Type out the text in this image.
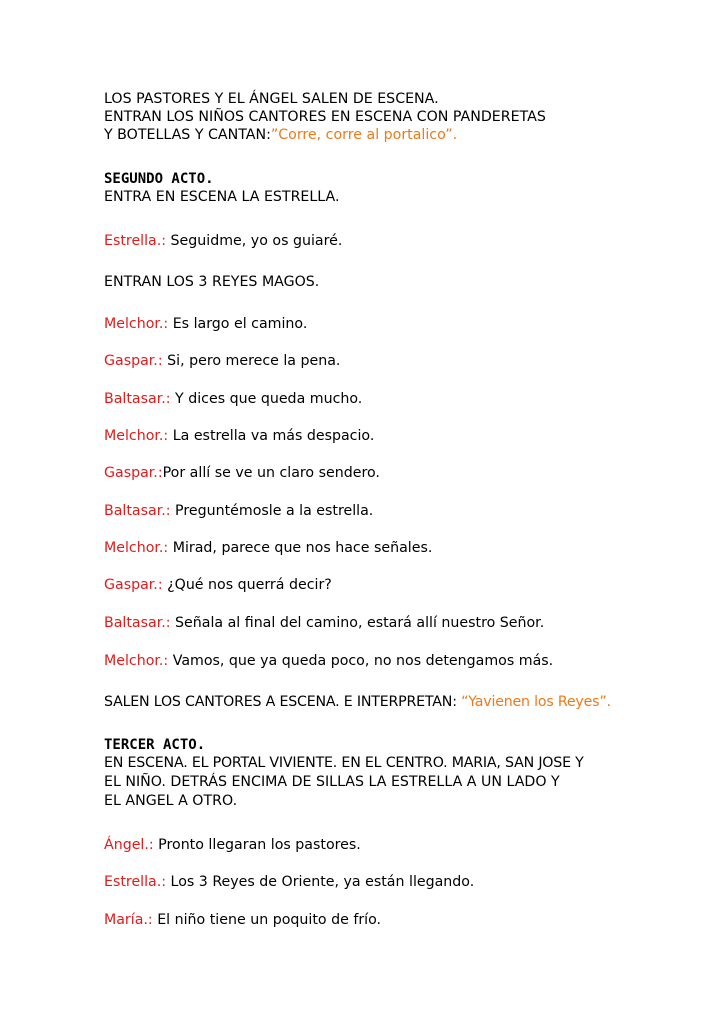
LOS PASTORES Y EL ÁNGEL SALEN DE ESCENA.
ENTRAN LOS NIÑOS CANTORES EN ESCENA CON PANDERETAS
Y BOTELLAS Y CANTAN:”Corre, corre al portalico”.
SEGUNDO ACTO.
ENTRA EN ESCENA LA ESTRELLA.
Estrella.: Seguidme, yo os guiaré.
ENTRAN LOS 3 REYES MAGOS.
Melchor.: Es largo el camino.
Gaspar.: Si, pero merece la pena.
Baltasar.: Y dices que queda mucho.
Melchor.: La estrella va más despacio.
Gaspar.:Por allí se ve un claro sendero.
Baltasar.: Preguntémosle a la estrella.
Melchor.: Mirad, parece que nos hace señales.
Gaspar.: ¿Qué nos querrá decir?
Baltasar.: Señala al final del camino, estará allí nuestro Señor.
Melchor.: Vamos, que ya queda poco, no nos detengamos más.
SALEN LOS CANTORES A ESCENA. E INTERPRETAN: “Yavienen los Reyes”.
TERCER ACTO.
EN ESCENA. EL PORTAL VIVIENTE. EN EL CENTRO. MARIA, SAN JOSE Y
EL NIÑO. DETRÁS ENCIMA DE SILLAS LA ESTRELLA A UN LADO Y
EL ANGEL A OTRO.
Ángel.: Pronto llegaran los pastores.
Estrella.: Los 3 Reyes de Oriente, ya están llegando.
María.: El niño tiene un poquito de frío.
